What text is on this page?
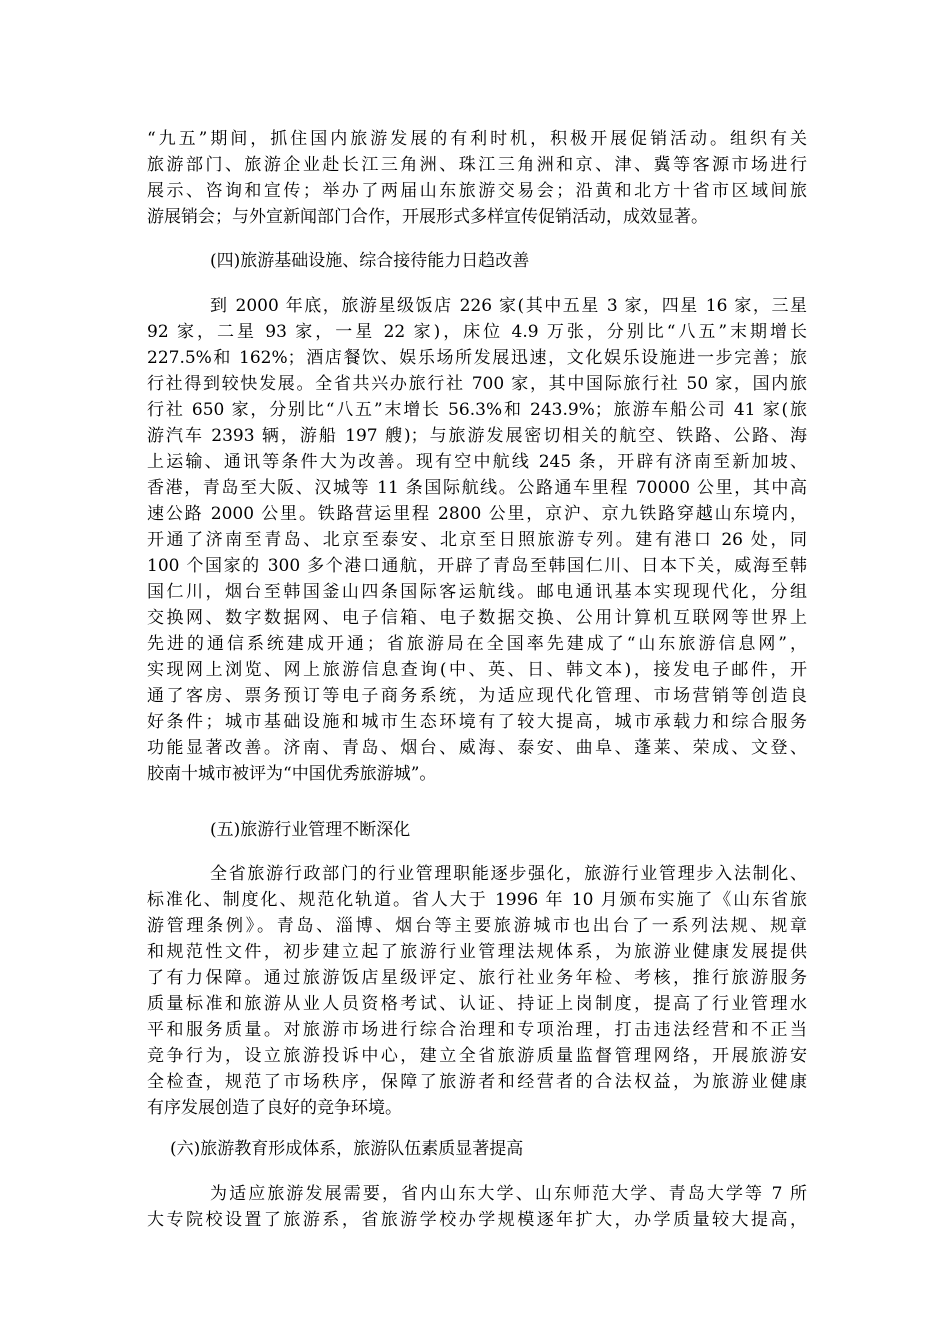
“九五”期间，抓住国内旅游发展的有利时机，积极开展促销活动。组织有关
旅游部门、旅游企业赴长江三角洲、珠江三角洲和京、津、冀等客源市场进行
展示、咨询和宣传；举办了两届山东旅游交易会；沿黄和北方十省市区域间旅
游展销会；与外宣新闻部门合作，开展形式多样宣传促销活动，成效显著。
(四)旅游基础设施、综合接待能力日趋改善
到 2000 年底，旅游星级饭店 226 家(其中五星 3 家，四星 16 家，三星
92 家，二星 93 家，一星 22 家)，床位 4.9 万张，分别比“八五”末期增长
227.5%和 162%；酒店餐饮、娱乐场所发展迅速，文化娱乐设施进一步完善；旅
行社得到较快发展。全省共兴办旅行社 700 家，其中国际旅行社 50 家，国内旅
行社 650 家，分别比“八五”末增长 56.3%和 243.9%；旅游车船公司 41 家(旅
游汽车 2393 辆，游船 197 艘)；与旅游发展密切相关的航空、铁路、公路、海
上运输、通讯等条件大为改善。现有空中航线 245 条，开辟有济南至新加坡、
香港，青岛至大阪、汉城等 11 条国际航线。公路通车里程 70000 公里，其中高
速公路 2000 公里。铁路营运里程 2800 公里，京沪、京九铁路穿越山东境内，
开通了济南至青岛、北京至泰安、北京至日照旅游专列。建有港口 26 处，同
100 个国家的 300 多个港口通航，开辟了青岛至韩国仁川、日本下关，威海至韩
国仁川，烟台至韩国釜山四条国际客运航线。邮电通讯基本实现现代化，分组
交换网、数字数据网、电子信箱、电子数据交换、公用计算机互联网等世界上
先进的通信系统建成开通；省旅游局在全国率先建成了“山东旅游信息网”，
实现网上浏览、网上旅游信息查询(中、英、日、韩文本)，接发电子邮件，开
通了客房、票务预订等电子商务系统，为适应现代化管理、市场营销等创造良
好条件；城市基础设施和城市生态环境有了较大提高，城市承载力和综合服务
功能显著改善。济南、青岛、烟台、威海、泰安、曲阜、蓬莱、荣成、文登、
胶南十城市被评为“中国优秀旅游城”。
(五)旅游行业管理不断深化
全省旅游行政部门的行业管理职能逐步强化，旅游行业管理步入法制化、
标准化、制度化、规范化轨道。省人大于 1996 年 10 月颁布实施了《山东省旅
游管理条例》。青岛、淄博、烟台等主要旅游城市也出台了一系列法规、规章
和规范性文件，初步建立起了旅游行业管理法规体系，为旅游业健康发展提供
了有力保障。通过旅游饭店星级评定、旅行社业务年检、考核，推行旅游服务
质量标准和旅游从业人员资格考试、认证、持证上岗制度，提高了行业管理水
平和服务质量。对旅游市场进行综合治理和专项治理，打击违法经营和不正当
竞争行为，设立旅游投诉中心，建立全省旅游质量监督管理网络，开展旅游安
全检查，规范了市场秩序，保障了旅游者和经营者的合法权益，为旅游业健康
有序发展创造了良好的竞争环境。
(六)旅游教育形成体系，旅游队伍素质显著提高
为适应旅游发展需要，省内山东大学、山东师范大学、青岛大学等 7 所
大专院校设置了旅游系，省旅游学校办学规模逐年扩大，办学质量较大提高，
